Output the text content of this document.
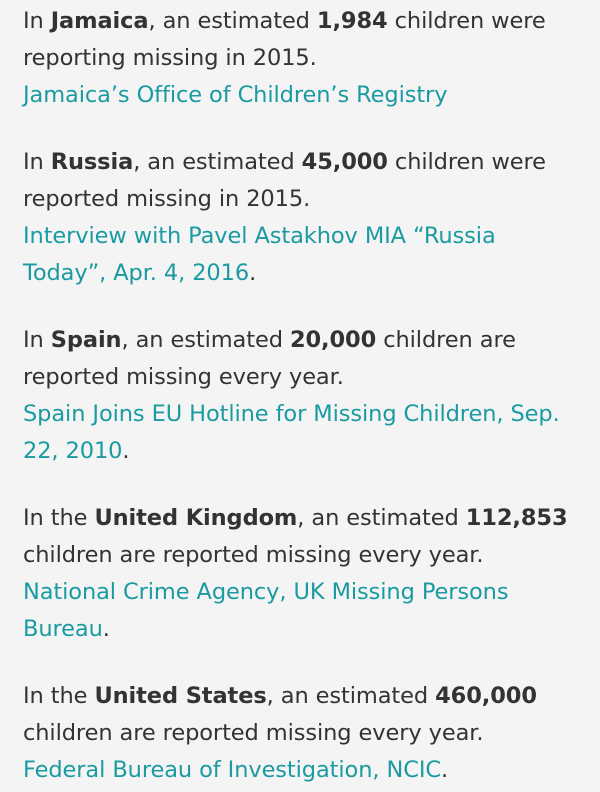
In Jamaica, an estimated 1,984 children were reporting missing in 2015.

Jamaica’s Office of Children’s Registry

In Russia, an estimated 45,000 children were reported missing in 2015.

Interview with Pavel Astakhov MIA “Russia Today”, Apr. 4, 2016.

In Spain, an estimated 20,000 children are reported missing every year.

Spain Joins EU Hotline for Missing Children, Sep. 22, 2010.

In the United Kingdom, an estimated 112,853 children are reported missing every year.

National Crime Agency, UK Missing Persons Bureau.

In the United States, an estimated 460,000 children are reported missing every year.

Federal Bureau of Investigation, NCIC.
